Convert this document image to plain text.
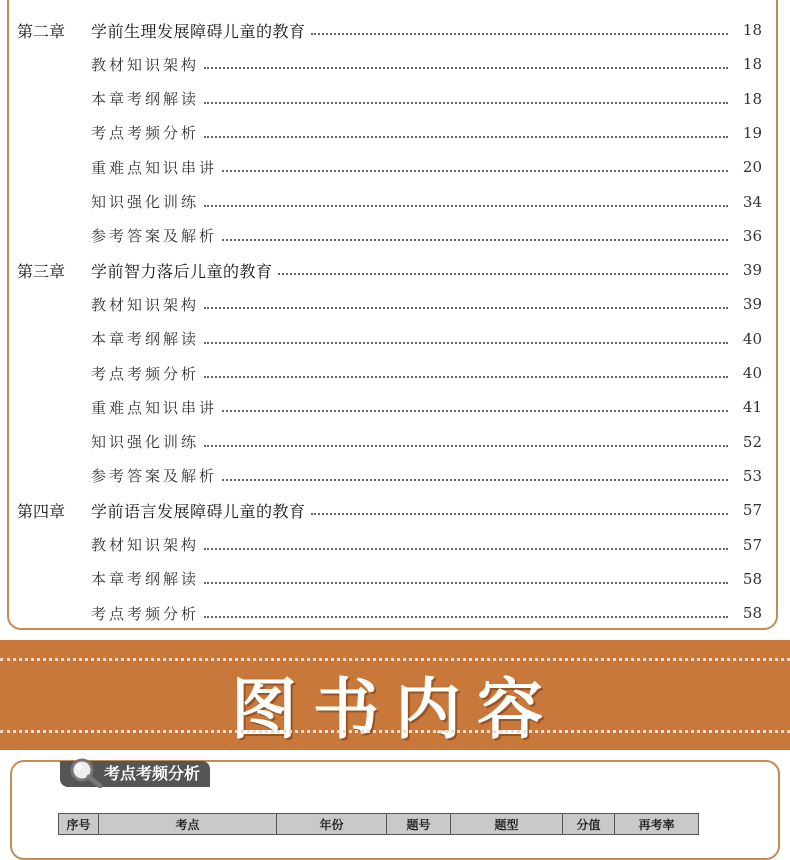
第二章	学前生理发展障碍儿童的教育	18
教材知识架构	18
本章考纲解读	18
考点考频分析	19
重难点知识串讲	20
知识强化训练	34
参考答案及解析	36
第三章	学前智力落后儿童的教育	39
教材知识架构	39
本章考纲解读	40
考点考频分析	40
重难点知识串讲	41
知识强化训练	52
参考答案及解析	53
第四章	学前语言发展障碍儿童的教育	57
教材知识架构	57
本章考纲解读	58
考点考频分析	58
图书内容
考点考频分析
序号	考点	年份	题号	题型	分值	再考率
